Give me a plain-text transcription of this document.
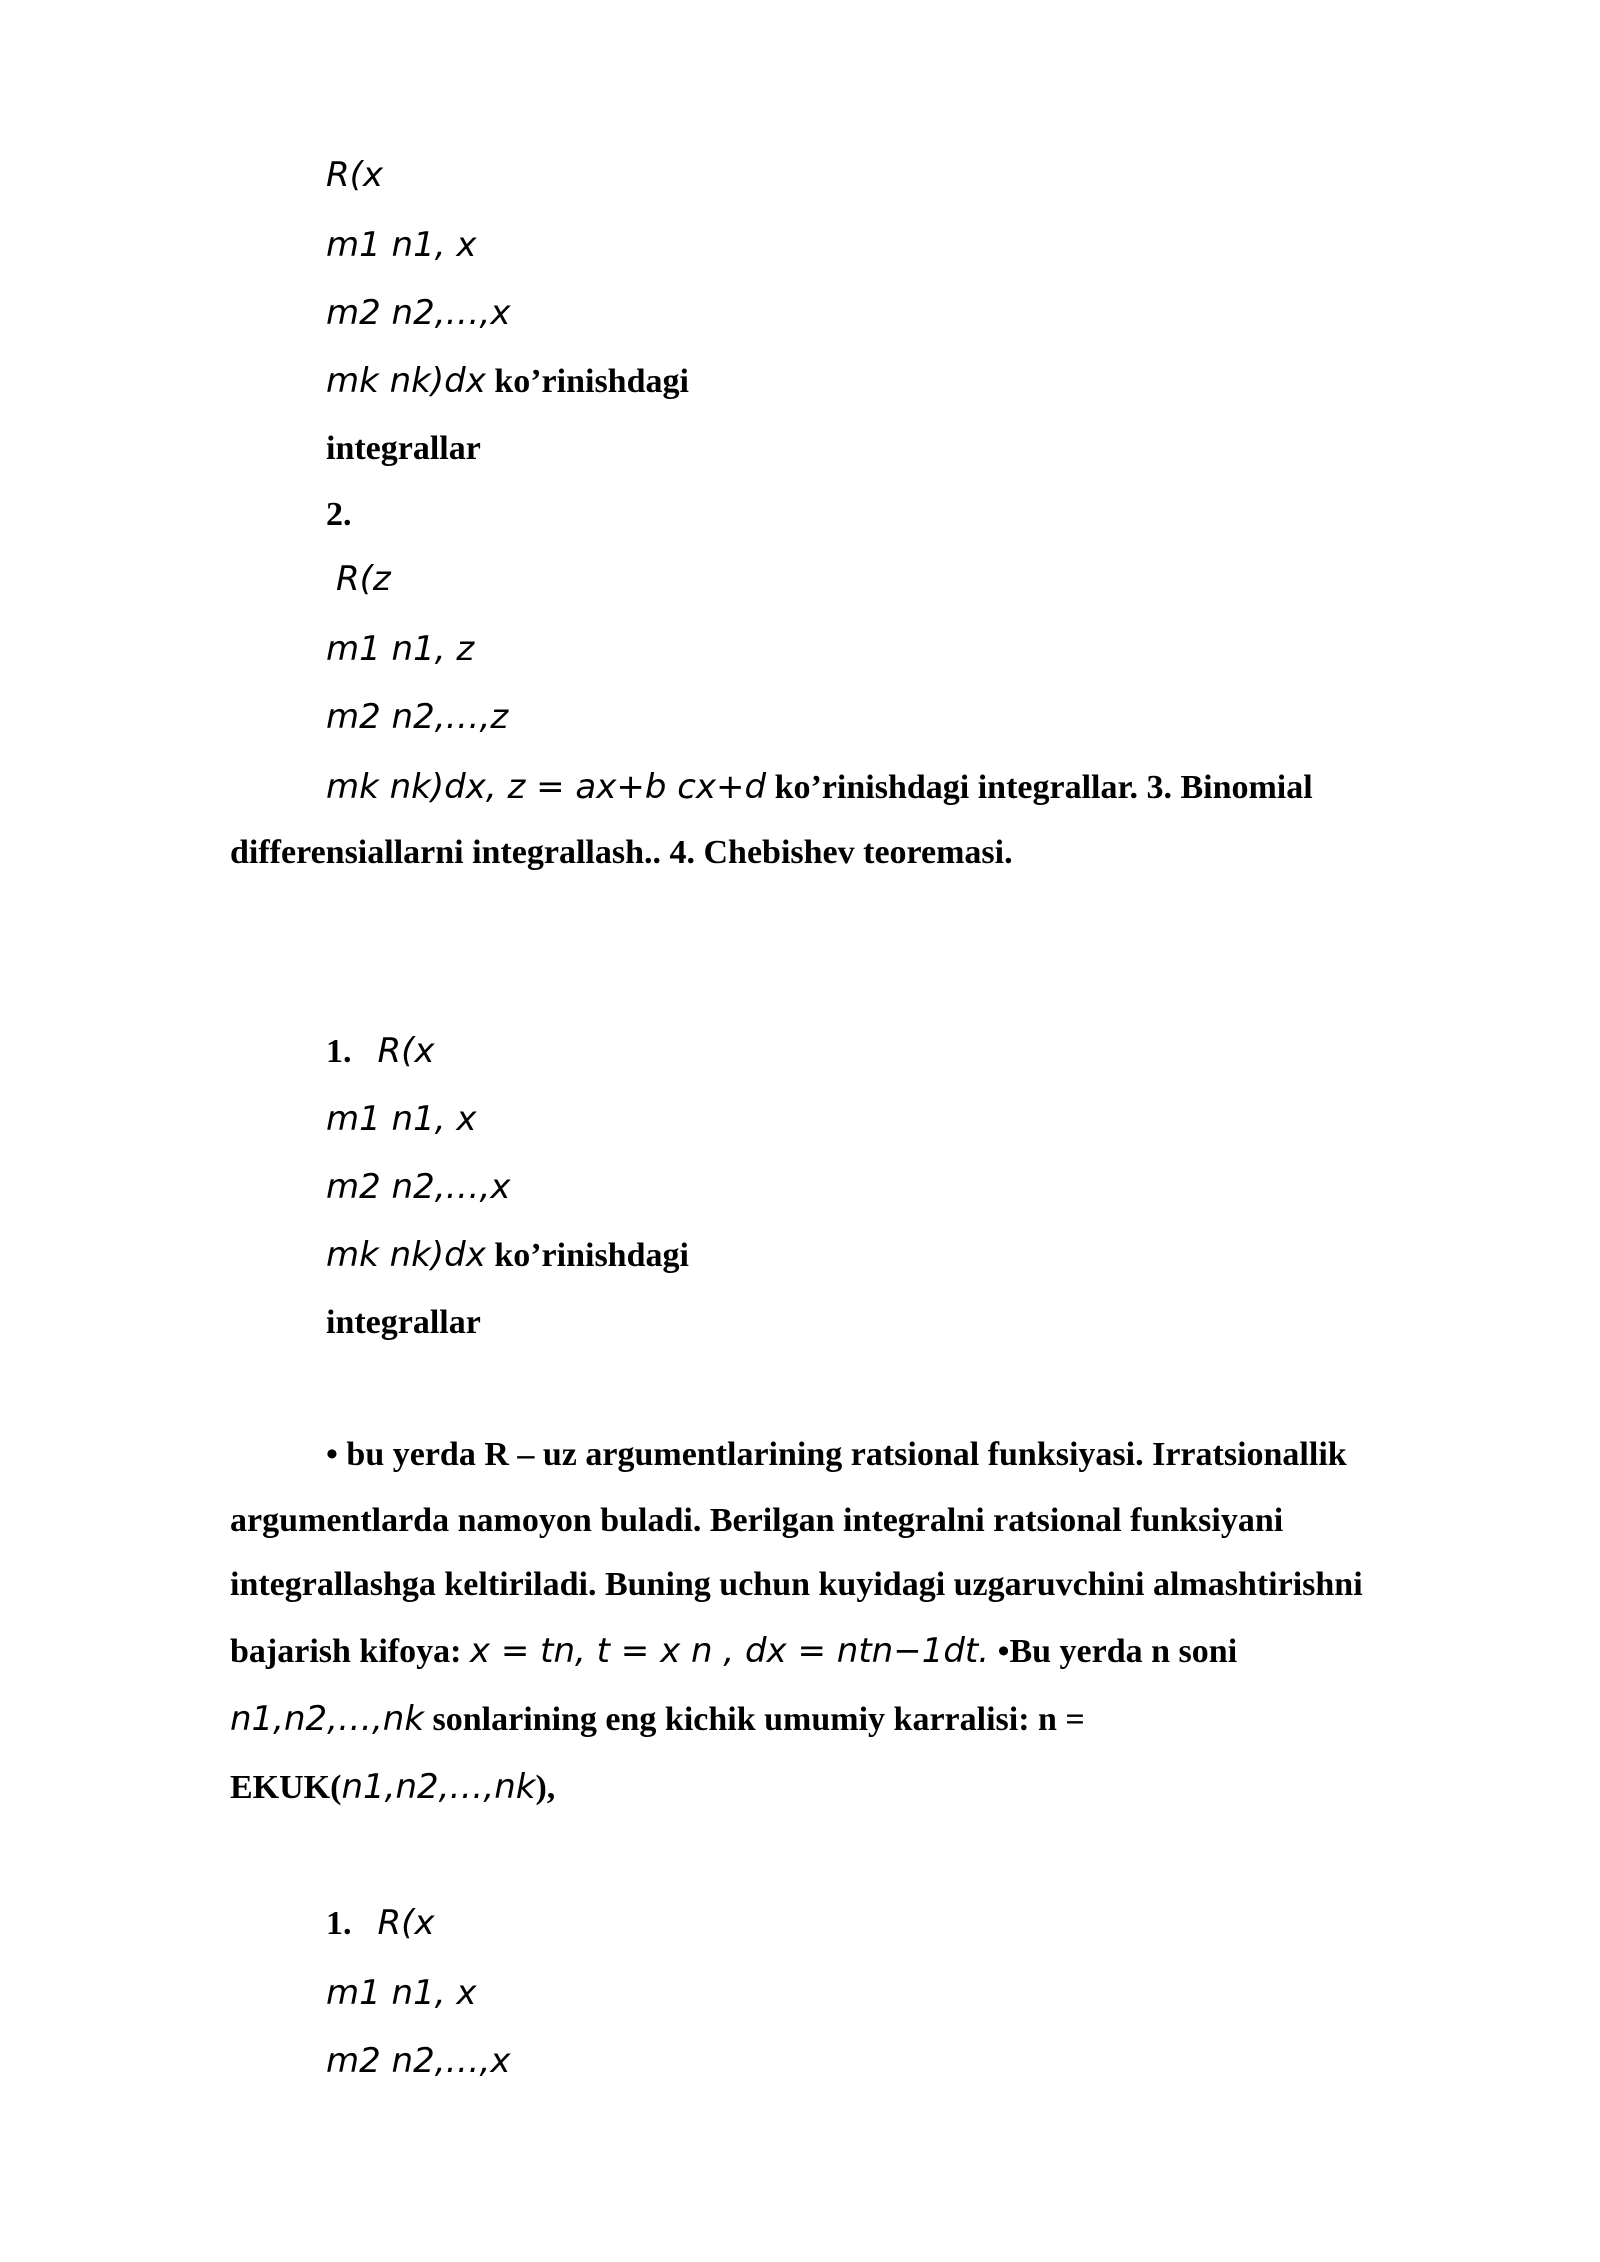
R(x
m1 n1, x
m2 n2,…,x
mk nk)dx ko’rinishdagi
integrallar
2.
R(z
m1 n1, z
m2 n2,…,z
mk nk)dx, z = ax+b cx+d ko’rinishdagi integrallar. 3. Binomial
differensiallarni integrallash.. 4. Chebishev teoremasi.
1. R(x
m1 n1, x
m2 n2,…,x
mk nk)dx ko’rinishdagi
integrallar
• bu yerda R – uz argumentlarining ratsional funksiyasi. Irratsionallik
argumentlarda namoyon buladi. Berilgan integralni ratsional funksiyani
integrallashga keltiriladi. Buning uchun kuyidagi uzgaruvchini almashtirishni
bajarish kifoya: x = tn, t = x n , dx = ntn−1dt. •Bu yerda n soni
n1,n2,…,nk sonlarining eng kichik umumiy karralisi: n =
EKUK(n1,n2,…,nk),
1. R(x
m1 n1, x
m2 n2,…,x
